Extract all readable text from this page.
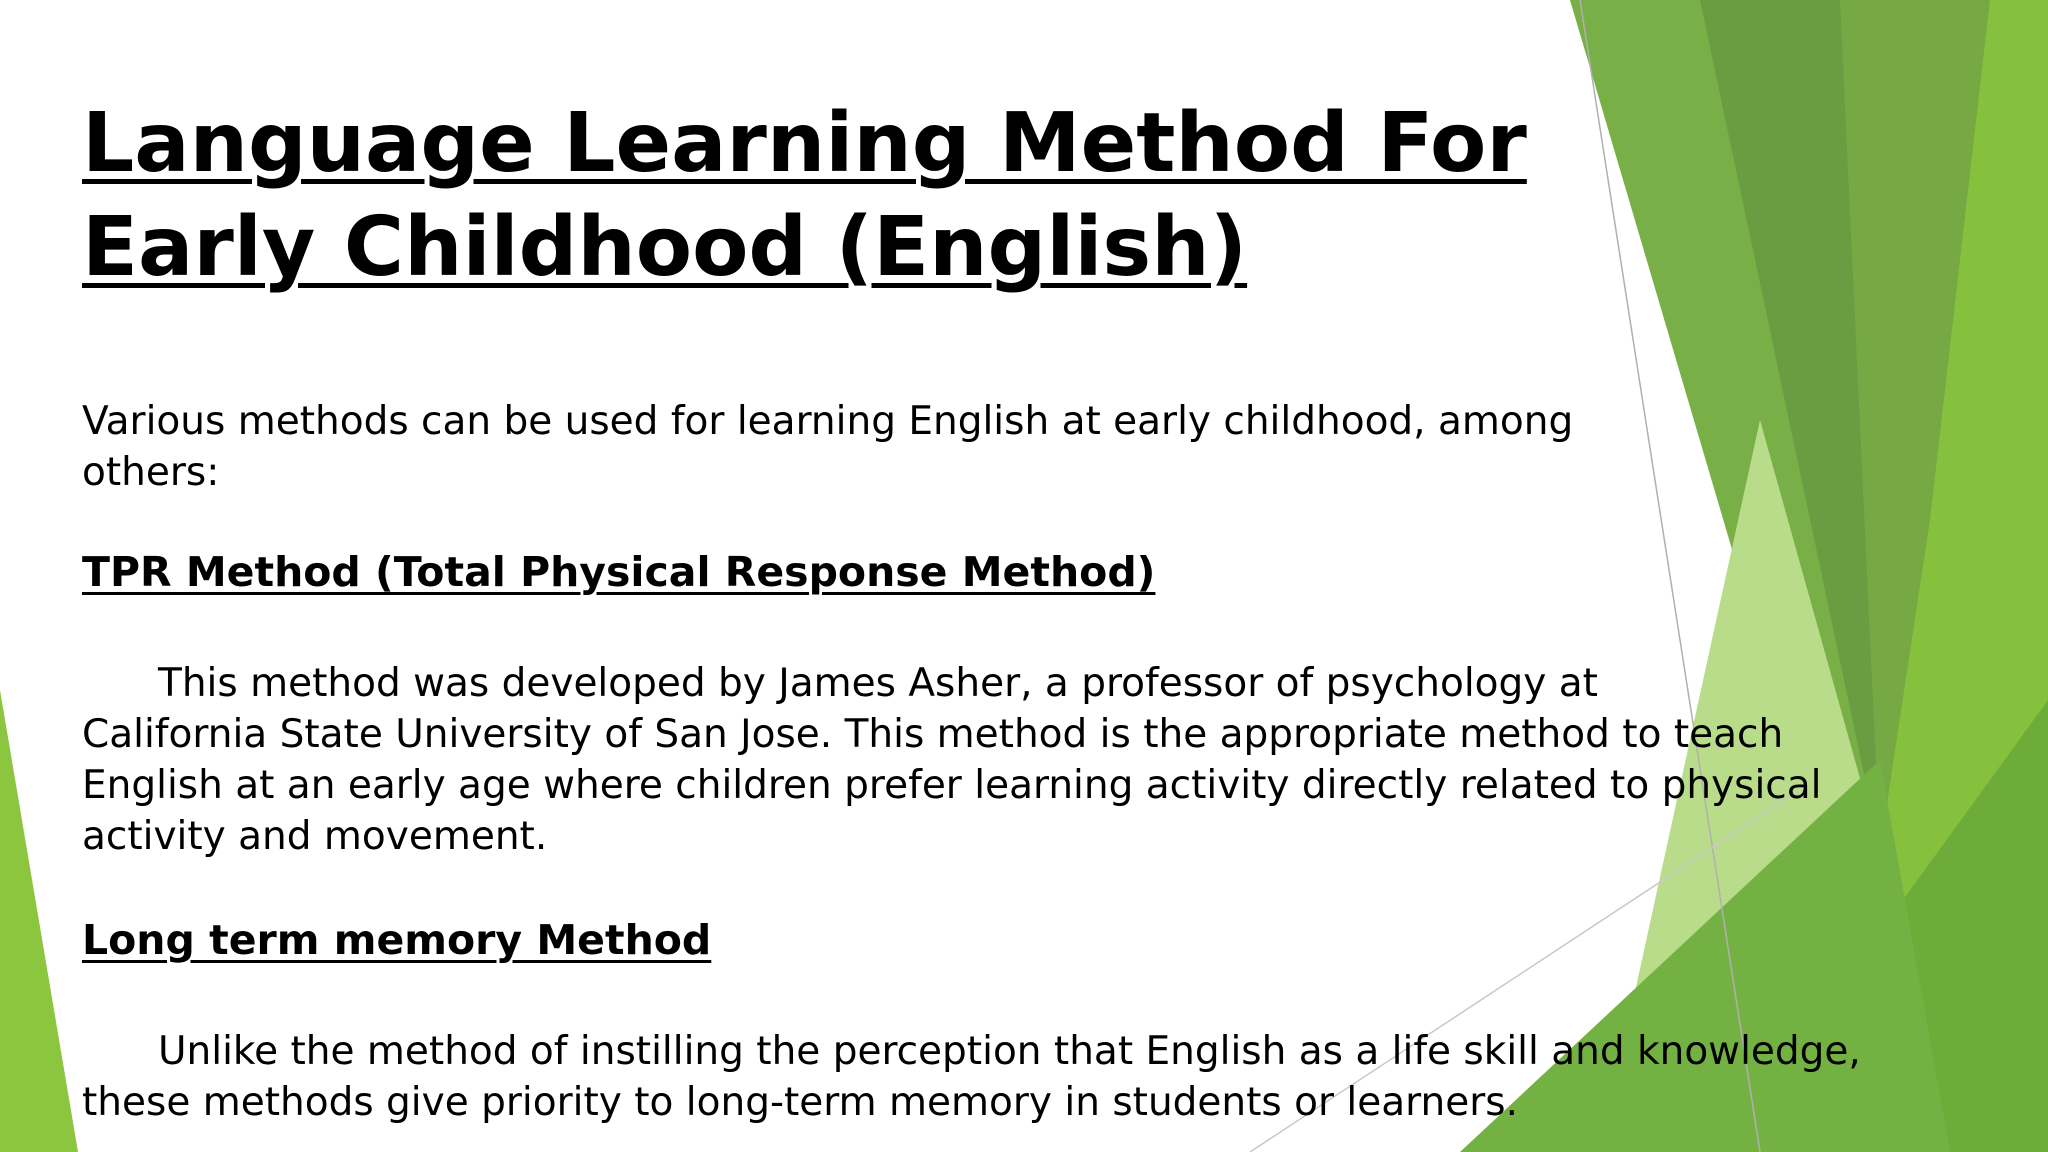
Language Learning Method For Early Childhood (English)

Various methods can be used for learning English at early childhood, among others:

TPR Method (Total Physical Response Method)

This method was developed by James Asher, a professor of psychology at
California State University of San Jose. This method is the appropriate method to teach
English at an early age where children prefer learning activity directly related to physical
activity and movement.

Long term memory Method

Unlike the method of instilling the perception that English as a life skill and knowledge,
these methods give priority to long-term memory in students or learners.
